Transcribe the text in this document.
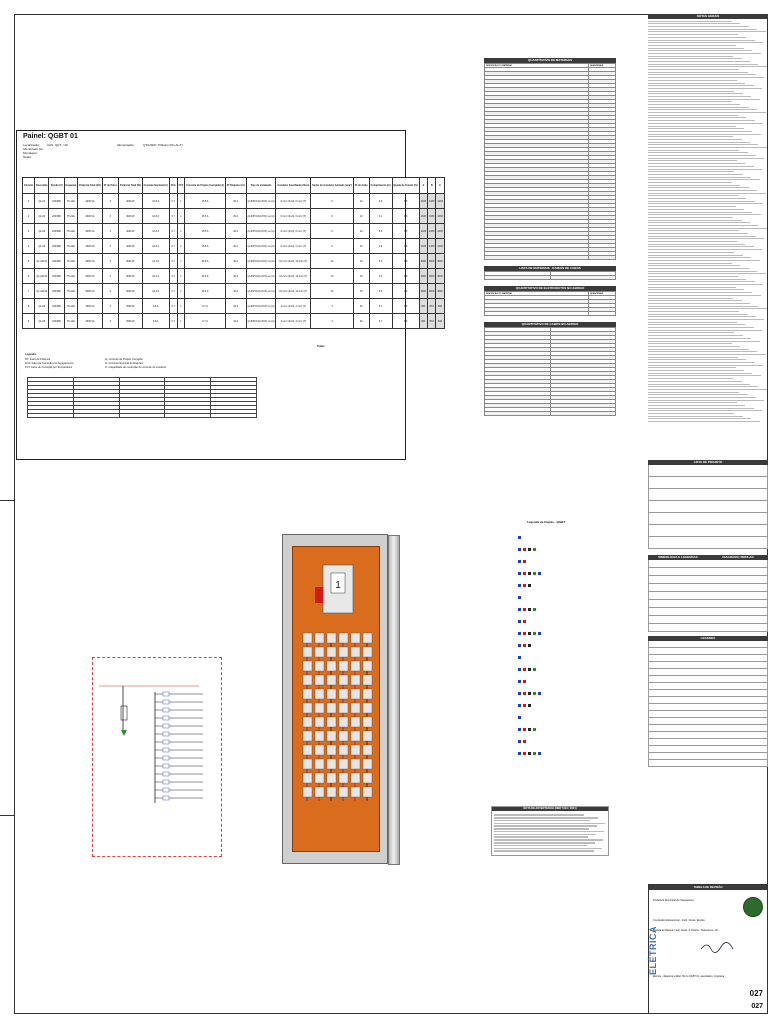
Painel: QGBT 01
Localização: CAS. QGT. / 40	Alimentação:	QTG/SRC Trifásico (FF+N+T)
Alimentado por:
Montagem:
Notas:
Circuito	Descrição	Tensão (V)	Esquema	Potência Total (VA)	Nº de Polos	Potência Total (W)	Corrente Nominal (A)	FCA	FCT	Corrente de Projeto Corrigida (A)	Nº Disjuntor (A)	Tipo de instalação	Condutor Fase/Neutro/Terra	Seção do Condutor Adotado (mm²)	Nº do Cabo	Comprimento (m)	Queda de Tensão (%)	A	B	C
1	QL-01	220/380	TF+NE	4000 VA	3	4000 W	10.8 A	0.7	1	15.5 A	20 A	(A-8/PVC/(A-PVC) ou (A)	6 mm² (F+N), 6 mm² (T)	6	10	4.9	0.5	1333	1333	1333
2	QL-02	220/380	TF+NE	4000 VA	3	4000 W	10.8 A	0.7	1	15.5 A	20 A	(A-8/PVC/(A-PVC) ou (A)	6 mm² (F+N), 6 mm² (T)	6	10	4.1	0.5	1333	1333	1333
3	QL-03	220/380	TF+NE	4000 VA	3	4000 W	10.8 A	0.7	1	15.5 A	20 A	(A-8/PVC/(A-PVC) ou (A)	6 mm² (F+N), 6 mm² (T)	6	10	5.5	0.5	1333	1333	1333
4	QL-04	220/380	TF+NE	4000 VA	3	4000 W	10.8 A	0.7	1	15.5 A	20 A	(A-8/PVC/(A-PVC) ou (A)	6 mm² (F+N), 6 mm² (T)	6	10	4.8	0.5	1333	1333	1333
5	QL-AR-01	220/380	TF+NE	9000 VA	3	9000 W	24.3 A	0.7	1	34.8 A	40 A	(A-8/PVC/(A-PVC) ou (A)	10 mm² (F+N), 10 mm² (T)	10	15	3.2	0.8	3000	3000	3000
6	QL-AR-02	220/380	TF+NE	9000 VA	3	9000 W	24.3 A	0.7	1	34.8 A	40 A	(A-8/PVC/(A-PVC) ou (A)	10 mm² (F+N), 10 mm² (T)	10	15	3.4	0.8	3000	3000	3000
7	QL-AR-03	220/380	TF+NE	9000 VA	3	9000 W	24.3 A	0.7	1	34.8 A	40 A	(A-8/PVC/(A-PVC) ou (A)	10 mm² (F+N), 10 mm² (T)	10	15	3.6	0.9	3000	3000	3000
8	QL-05	220/380	TF+NE	2500 VA	3	2500 W	6.8 A	0.7	1	9.7 A	16 A	(A-8/PVC/(A-PVC) ou (A)	4 mm² (F+N), 4 mm² (T)	4	20	5.1	0.6	833	833	833
9	QL-06	220/380	TF+NE	2500 VA	3	2500 W	6.8 A	0.7	1	9.7 A	16 A	(A-8/PVC/(A-PVC) ou (A)	4 mm² (F+N), 4 mm² (T)	4	20	4.7	0.6	833	833	833
Totais:
Legenda:
FP: Fator de Potência
FCA: Fator de Correção por Agrupamento
FCT: Fator de Correção por Temperatura
Ip: Corrente de Projeto Corrigida
In: Corrente Nominal do Disjuntor
Iz: Capacidade de condução de corrente do condutor

QUANTITATIVO DE MATERIAIS
DESCRIÇÃO DO MATERIAL	QUANTIDADE

LISTA DE MATERIAIS - RAMAIS DE CABOS

QUANTITATIVO DE ELETRODUTOS NO ABRIGO
DESCRIÇÃO DO MATERIAL	QUANTIDADE

QUANTITATIVO DE CABOS NO ABRIGO

NOTAS GERAIS
LISTA DE PROJETO
SIMBOLOGIA E LEGENDAS	DIAGRAMA UNIFILAR
LEGENDA
1
Legenda de Fiação - QGBT
NOTA DE ADVERTÊNCIA (NBR 5410 / 2004)
TABELA DE REVISÃO
Prefeitura Municipal de Saquarema
Comissão Educacional - Instit. Ginas. Escola
Estrada de Bacaxá, Instit. Ginas. 2º Distrito - Saquarema - RJ
Elétrica - diagrama unifilar, 3D do QGBT 01, quantitativo, programa
027
027
ELÉTRICA
